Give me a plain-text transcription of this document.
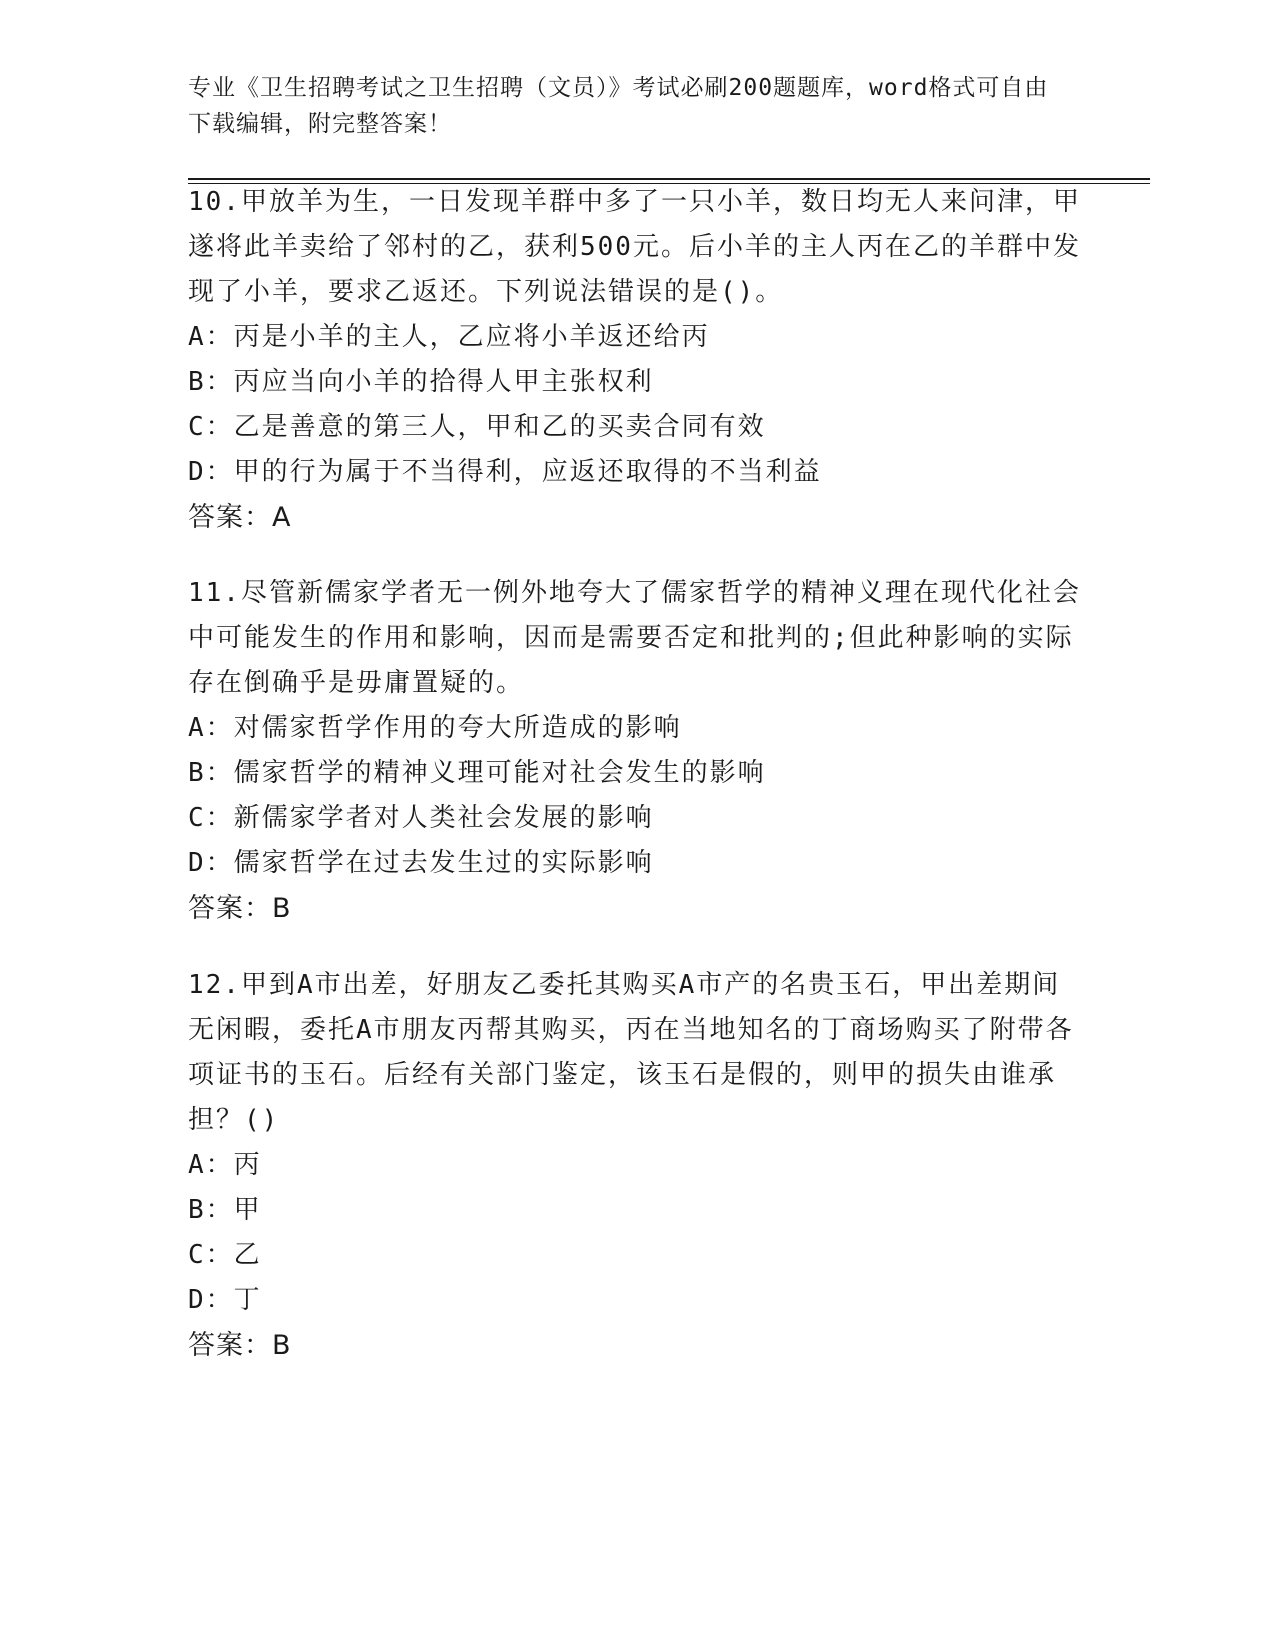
专业《卫生招聘考试之卫生招聘（文员）》考试必刷200题题库，word格式可自由下载编辑，附完整答案！

10.甲放羊为生，一日发现羊群中多了一只小羊，数日均无人来问津，甲遂将此羊卖给了邻村的乙，获利500元。后小羊的主人丙在乙的羊群中发现了小羊，要求乙返还。下列说法错误的是()。

A：丙是小羊的主人，乙应将小羊返还给丙

B：丙应当向小羊的拾得人甲主张权利

C：乙是善意的第三人，甲和乙的买卖合同有效

D：甲的行为属于不当得利，应返还取得的不当利益

答案：A

11.尽管新儒家学者无一例外地夸大了儒家哲学的精神义理在现代化社会中可能发生的作用和影响，因而是需要否定和批判的;但此种影响的实际存在倒确乎是毋庸置疑的。

A：对儒家哲学作用的夸大所造成的影响

B：儒家哲学的精神义理可能对社会发生的影响

C：新儒家学者对人类社会发展的影响

D：儒家哲学在过去发生过的实际影响

答案：B

12.甲到A市出差，好朋友乙委托其购买A市产的名贵玉石，甲出差期间无闲暇，委托A市朋友丙帮其购买，丙在当地知名的丁商场购买了附带各项证书的玉石。后经有关部门鉴定，该玉石是假的，则甲的损失由谁承担？()

A：丙

B：甲

C：乙

D：丁

答案：B
